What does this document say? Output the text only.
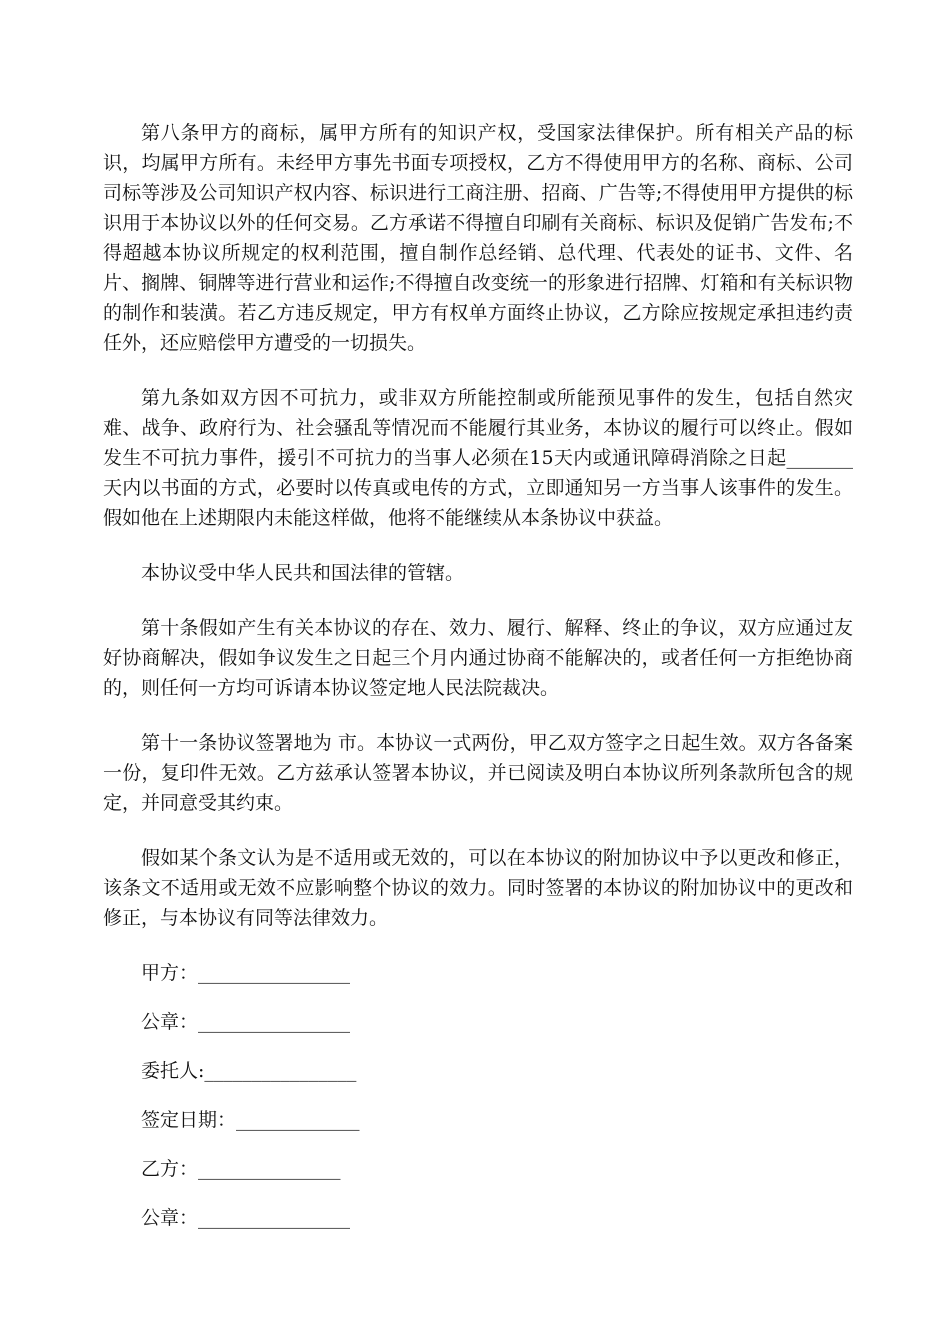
第八条甲方的商标，属甲方所有的知识产权，受国家法律保护。所有相关产品的标识，均属甲方所有。未经甲方事先书面专项授权，乙方不得使用甲方的名称、商标、公司司标等涉及公司知识产权内容、标识进行工商注册、招商、广告等;不得使用甲方提供的标识用于本协议以外的任何交易。乙方承诺不得擅自印刷有关商标、标识及促销广告发布;不得超越本协议所规定的权利范围，擅自制作总经销、总代理、代表处的证书、文件、名片、搁牌、铜牌等进行营业和运作;不得擅自改变统一的形象进行招牌、灯箱和有关标识物的制作和装潢。若乙方违反规定，甲方有权单方面终止协议，乙方除应按规定承担违约责任外，还应赔偿甲方遭受的一切损失。

第九条如双方因不可抗力，或非双方所能控制或所能预见事件的发生，包括自然灾难、战争、政府行为、社会骚乱等情况而不能履行其业务，本协议的履行可以终止。假如发生不可抗力事件，援引不可抗力的当事人必须在15天内或通讯障碍消除之日起_______天内以书面的方式，必要时以传真或电传的方式，立即通知另一方当事人该事件的发生。假如他在上述期限内未能这样做，他将不能继续从本条协议中获益。

本协议受中华人民共和国法律的管辖。

第十条假如产生有关本协议的存在、效力、履行、解释、终止的争议，双方应通过友好协商解决，假如争议发生之日起三个月内通过协商不能解决的，或者任何一方拒绝协商的，则任何一方均可诉请本协议签定地人民法院裁决。

第十一条协议签署地为 市。本协议一式两份，甲乙双方签字之日起生效。双方各备案一份，复印件无效。乙方兹承认签署本协议，并已阅读及明白本协议所列条款所包含的规定，并同意受其约束。

假如某个条文认为是不适用或无效的，可以在本协议的附加协议中予以更改和修正，该条文不适用或无效不应影响整个协议的效力。同时签署的本协议的附加协议中的更改和修正，与本协议有同等法律效力。

甲方：________________
公章：________________
委托人:________________
签定日期：_____________
乙方：_______________
公章：________________
